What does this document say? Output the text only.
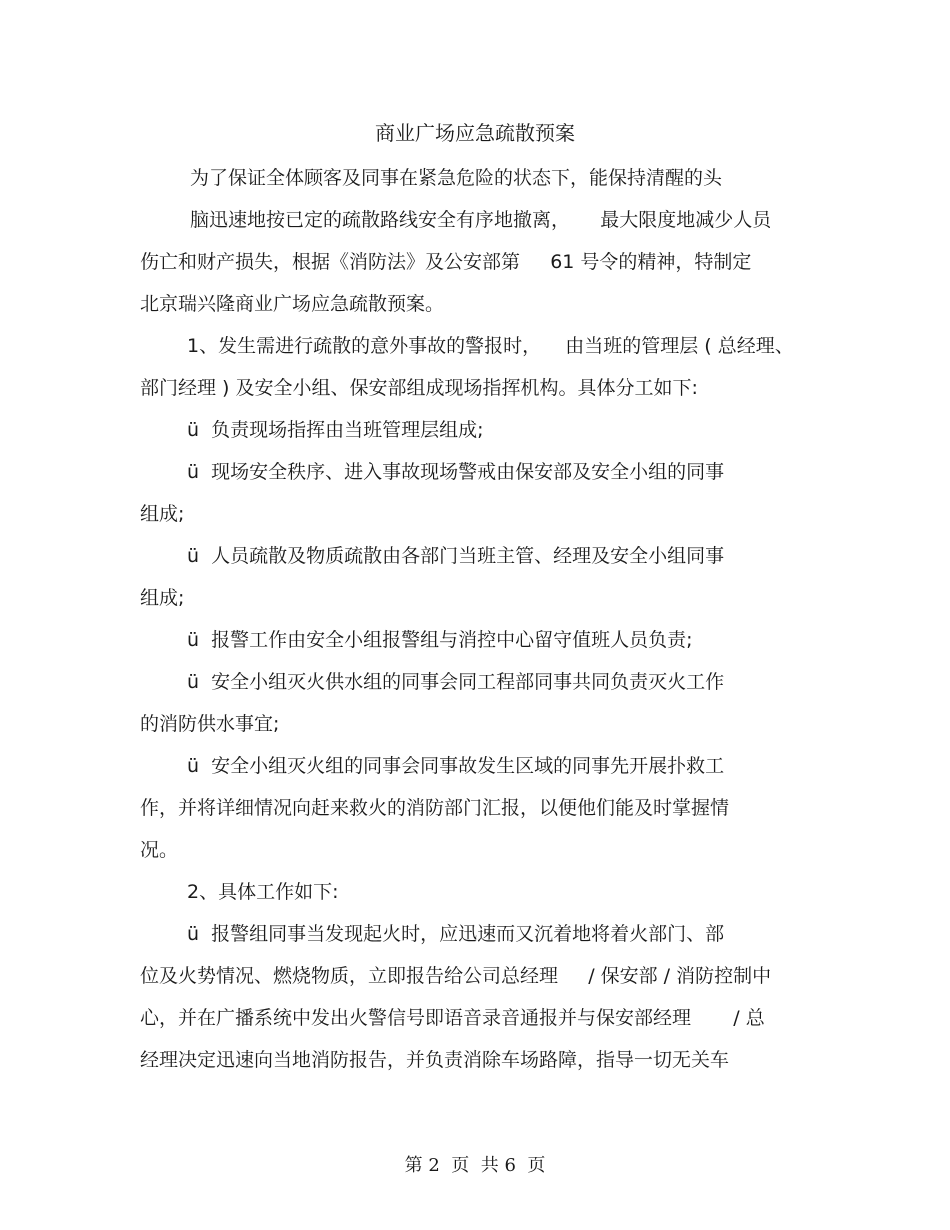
商业广场应急疏散预案
为了保证全体顾客及同事在紧急危险的状态下，能保持清醒的头
脑迅速地按已定的疏散路线安全有序地撤离，     最大限度地减少人员
伤亡和财产损失，根据《消防法》及公安部第     61 号令的精神，特制定
北京瑞兴隆商业广场应急疏散预案。
1、发生需进行疏散的意外事故的警报时，    由当班的管理层 ( 总经理、
部门经理 ) 及安全小组、保安部组成现场指挥机构。具体分工如下:
ü  负责现场指挥由当班管理层组成;
ü  现场安全秩序、进入事故现场警戒由保安部及安全小组的同事
组成;
ü  人员疏散及物质疏散由各部门当班主管、经理及安全小组同事
组成;
ü  报警工作由安全小组报警组与消控中心留守值班人员负责;
ü  安全小组灭火供水组的同事会同工程部同事共同负责灭火工作
的消防供水事宜;
ü  安全小组灭火组的同事会同事故发生区域的同事先开展扑救工
作，并将详细情况向赶来救火的消防部门汇报，以便他们能及时掌握情
况。
2、具体工作如下:
ü  报警组同事当发现起火时，应迅速而又沉着地将着火部门、部
位及火势情况、燃烧物质，立即报告给公司总经理     / 保安部 / 消防控制中
心，并在广播系统中发出火警信号即语音录音通报并与保安部经理       / 总
经理决定迅速向当地消防报告，并负责消除车场路障，指导一切无关车
第 2  页  共 6  页
